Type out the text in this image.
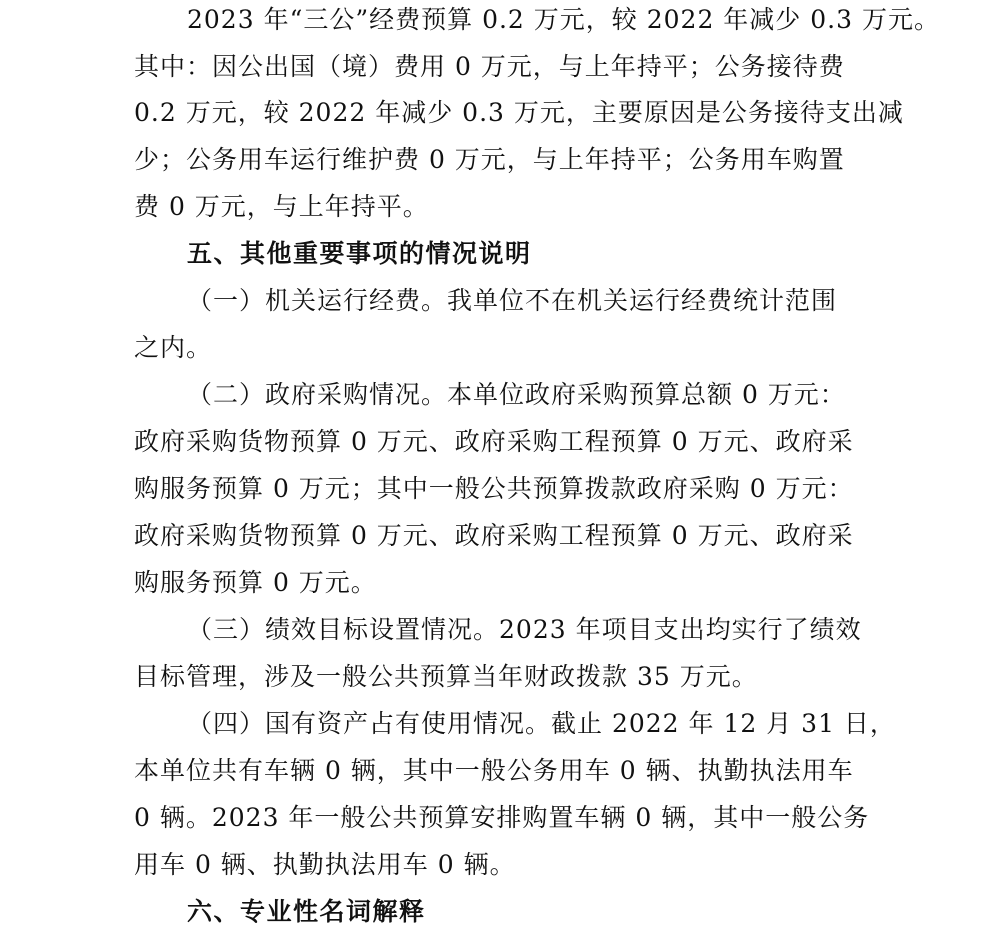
2023 年“三公”经费预算 0.2 万元，较 2022 年减少 0.3 万元。
其中：因公出国（境）费用 0 万元，与上年持平；公务接待费
0.2 万元，较 2022 年减少 0.3 万元，主要原因是公务接待支出减
少；公务用车运行维护费 0 万元，与上年持平；公务用车购置
费 0 万元，与上年持平。
五、其他重要事项的情况说明
（一）机关运行经费。我单位不在机关运行经费统计范围
之内。
（二）政府采购情况。本单位政府采购预算总额 0 万元：
政府采购货物预算 0 万元、政府采购工程预算 0 万元、政府采
购服务预算 0 万元；其中一般公共预算拨款政府采购 0 万元：
政府采购货物预算 0 万元、政府采购工程预算 0 万元、政府采
购服务预算 0 万元。
（三）绩效目标设置情况。2023 年项目支出均实行了绩效
目标管理，涉及一般公共预算当年财政拨款 35 万元。
（四）国有资产占有使用情况。截止 2022 年 12 月 31 日，
本单位共有车辆 0 辆，其中一般公务用车 0 辆、执勤执法用车
0 辆。2023 年一般公共预算安排购置车辆 0 辆，其中一般公务
用车 0 辆、执勤执法用车 0 辆。
六、专业性名词解释
